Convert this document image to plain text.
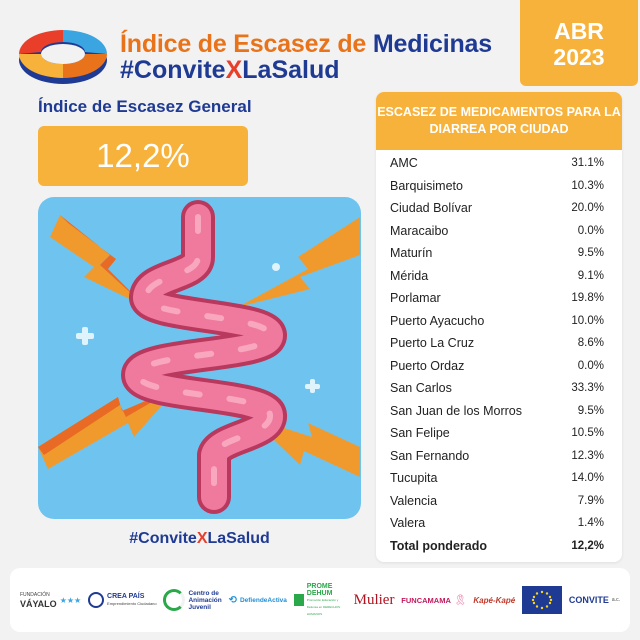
Índice de Escasez de Medicinas
#ConviteXLaSalud
ABR
2023
Índice de Escasez General
12,2%
#ConviteXLaSalud
ESCASEZ DE MEDICAMENTOS PARA LA DIARREA POR CIUDAD
AMC	31.1%
Barquisimeto	10.3%
Ciudad Bolívar	20.0%
Maracaibo	0.0%
Maturín	9.5%
Mérida	9.1%
Porlamar	19.8%
Puerto Ayacucho	10.0%
Puerto La Cruz	8.6%
Puerto Ordaz	0.0%
San Carlos	33.3%
San Juan de los Morros	9.5%
San Felipe	10.5%
San Fernando	12.3%
Tucupita	14.0%
Valencia	7.9%
Valera	1.4%
Total ponderado	12,2%
FUNDACIÓN
VÁYALO ★★★	CREA PAÍS
Emprendimiento Ciudadano
Centro de
Animación
Juvenil
⟲ DefiendeActiva
PROME
DEHUM
Promoción Educación y Defensa en DERECHOS HUMANOS
Mulier FUNCAMAMA 🎗 Kapé-Kapé	CONVITE a.c.
